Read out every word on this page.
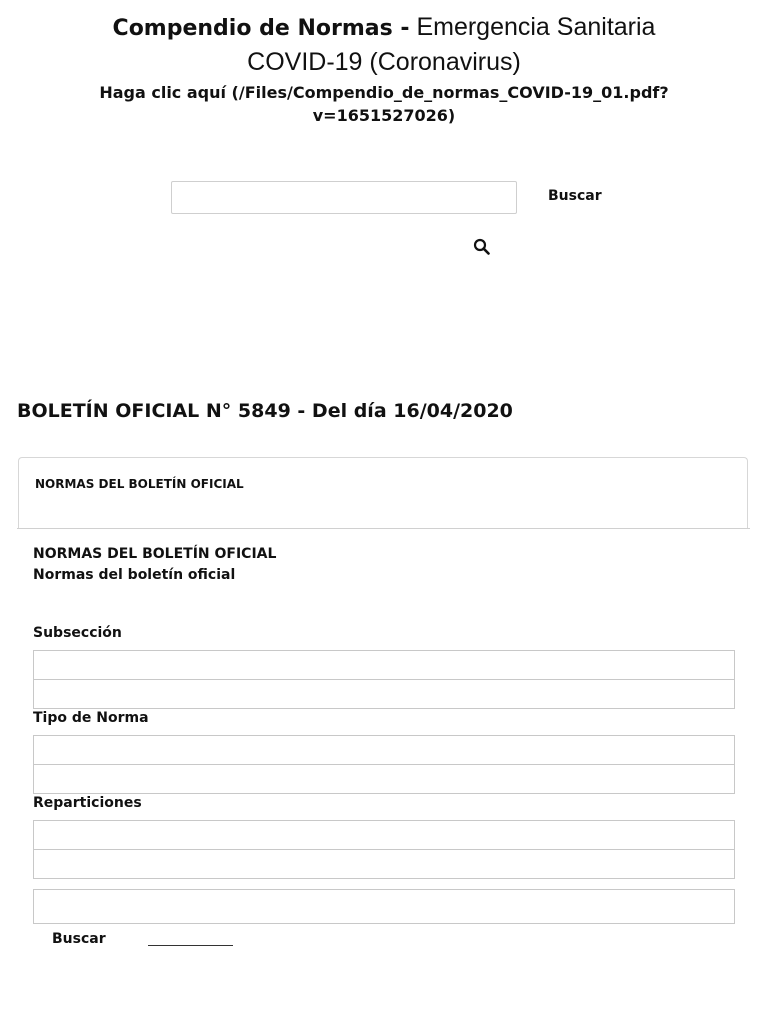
Compendio de Normas - Emergencia Sanitaria
COVID-19 (Coronavirus)
Haga clic aquí (/Files/Compendio_de_normas_COVID-19_01.pdf?
v=1651527026)
Buscar
BOLETÍN OFICIAL N° 5849 - Del día 16/04/2020
NORMAS DEL BOLETÍN OFICIAL
NORMAS DEL BOLETÍN OFICIAL
Normas del boletín oficial
Subsección
Tipo de Norma
Reparticiones
Buscar
